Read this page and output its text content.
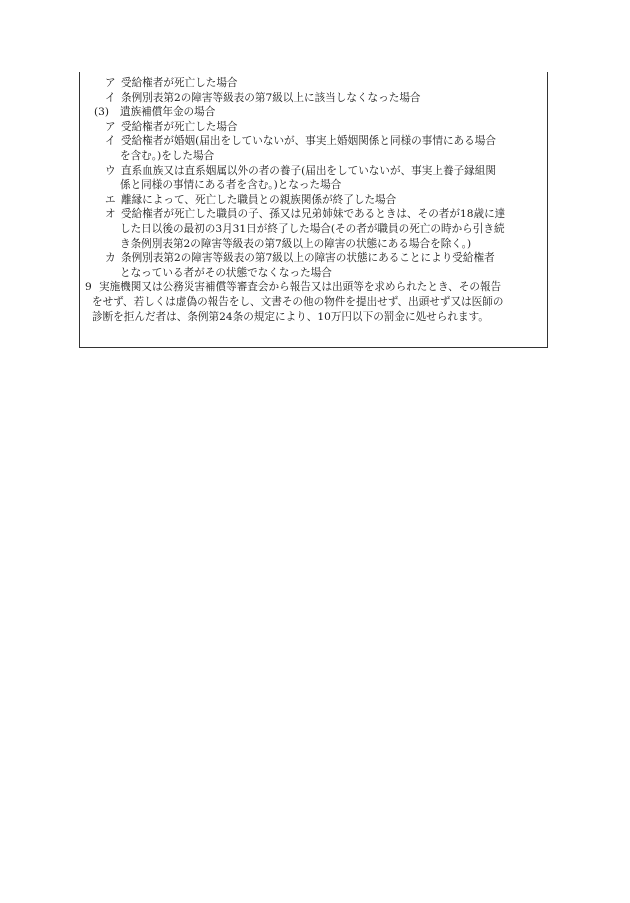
ア 受給権者が死亡した場合
イ 条例別表第2の障害等級表の第7級以上に該当しなくなった場合
(3) 遺族補償年金の場合
ア 受給権者が死亡した場合
イ 受給権者が婚姻(届出をしていないが、事実上婚姻関係と同様の事情にある場合
を含む。)をした場合
ウ 直系血族又は直系姻属以外の者の養子(届出をしていないが、事実上養子縁組関
係と同様の事情にある者を含む。)となった場合
エ 離縁によって、死亡した職員との親族関係が終了した場合
オ 受給権者が死亡した職員の子、孫又は兄弟姉妹であるときは、その者が18歳に達
した日以後の最初の3月31日が終了した場合(その者が職員の死亡の時から引き続
き条例別表第2の障害等級表の第7級以上の障害の状態にある場合を除く。)
カ 条例別表第2の障害等級表の第7級以上の障害の状態にあることにより受給権者
となっている者がその状態でなくなった場合
9 実施機関又は公務災害補償等審査会から報告又は出頭等を求められたとき、その報告
をせず、若しくは虚偽の報告をし、文書その他の物件を提出せず、出頭せず又は医師の
診断を拒んだ者は、条例第24条の規定により、10万円以下の罰金に処せられます。
